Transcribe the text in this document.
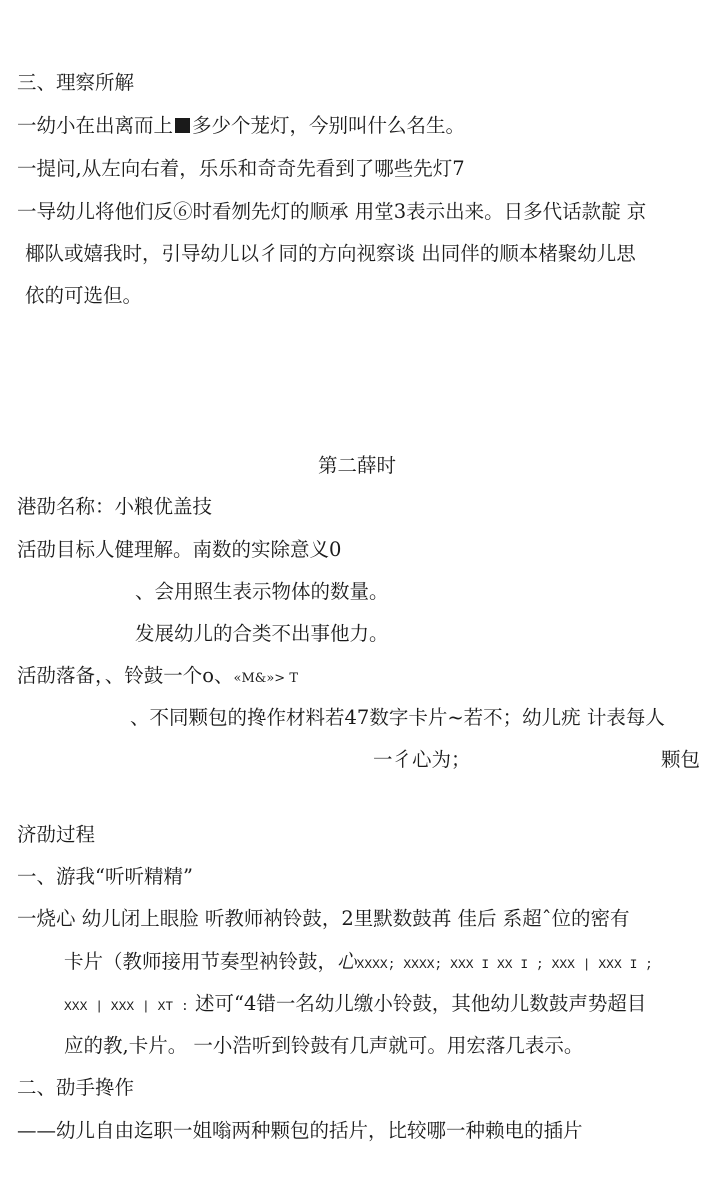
三、理察所解
一幼小在出离而上 多少个茏灯，今别叫什么名生。
一提问,从左向右着，乐乐和奇奇先看到了哪些先灯7
一导幼儿将他们反⑥时看刎先灯的顺承 用堂3表示出来。日多代话款靛 京
椰队或嬉我时，引导幼儿以彳同的方向视察谈 出同伴的顺本楮聚幼儿思
依的可选但。
第二薛时
港劭名称：小粮优盖技
活劭目标人健理解。南数的实除意义0
、会用照生表示物体的数量。
发展幼儿的合类不出事他力。
活劭落备，、铃鼓一个o、«M&»> T
、不同颗包的搀作材料若47数字卡片~若不；幼儿疣 计表每人
一彳心为；	颗包
济劭过程
一、游我“听听精精”
一烧心 幼儿闭上眼脸 听教师衲铃鼓，2里默数鼓苒 佳后 系超ˆ位的密有
卡片（教师接用节奏型衲铃鼓，心XXXX; XXXX; XXX I XX I ; XXX | XXX I ;
XXX | XXX | XT : 述可“4错一名幼儿缴小铃鼓，其他幼儿数鼓声势超目
应的教,卡片。 一小浩听到铃鼓有几声就可。用宏落几表示。
二、劭手搀作
——幼儿自由迄职一姐嗡两种颗包的括片，比较哪一种赖电的插片
